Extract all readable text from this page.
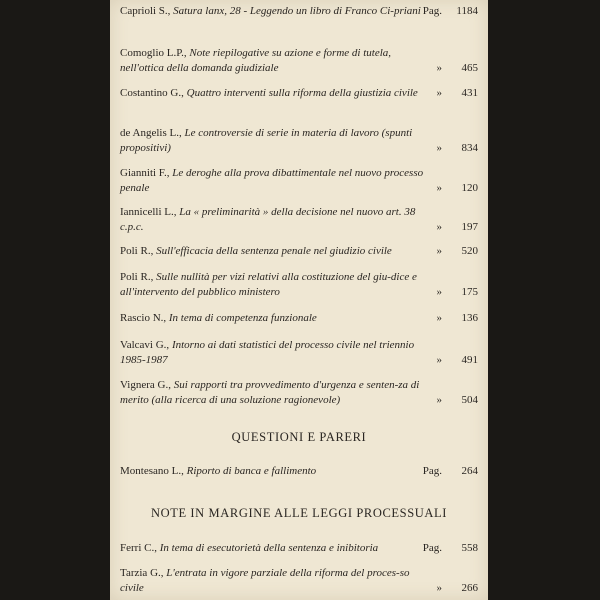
Caprioli S., Satura lanx, 28 - Leggendo un libro di Franco Ci-priani Pag.	1184
Comoglio L.P., Note riepilogative su azione e forme di tutela, nell'ottica della domanda giudiziale	»	465
Costantino G., Quattro interventi sulla riforma della giustizia civile	»	431
de Angelis L., Le controversie di serie in materia di lavoro (spunti propositivi)	»	834
Gianniti F., Le deroghe alla prova dibattimentale nel nuovo processo penale	»	120
Iannicelli L., La « preliminarità » della decisione nel nuovo art. 38 c.p.c.	»	197
Poli R., Sull'efficacia della sentenza penale nel giudizio civile	»	520
Poli R., Sulle nullità per vizi relativi alla costituzione del giu-dice e all'intervento del pubblico ministero	»	175
Rascio N., In tema di competenza funzionale	»	136
Valcavi G., Intorno ai dati statistici del processo civile nel triennio 1985-1987	»	491
Vignera G., Sui rapporti tra provvedimento d'urgenza e senten-za di merito (alla ricerca di una soluzione ragionevole)	»	504
QUESTIONI E PARERI
Montesano L., Riporto di banca e fallimento	Pag.	264
NOTE IN MARGINE ALLE LEGGI PROCESSUALI
Ferri C., In tema di esecutorietà della sentenza e inibitoria	Pag.	558
Tarzia G., L'entrata in vigore parziale della riforma del proces-so civile	»	266
